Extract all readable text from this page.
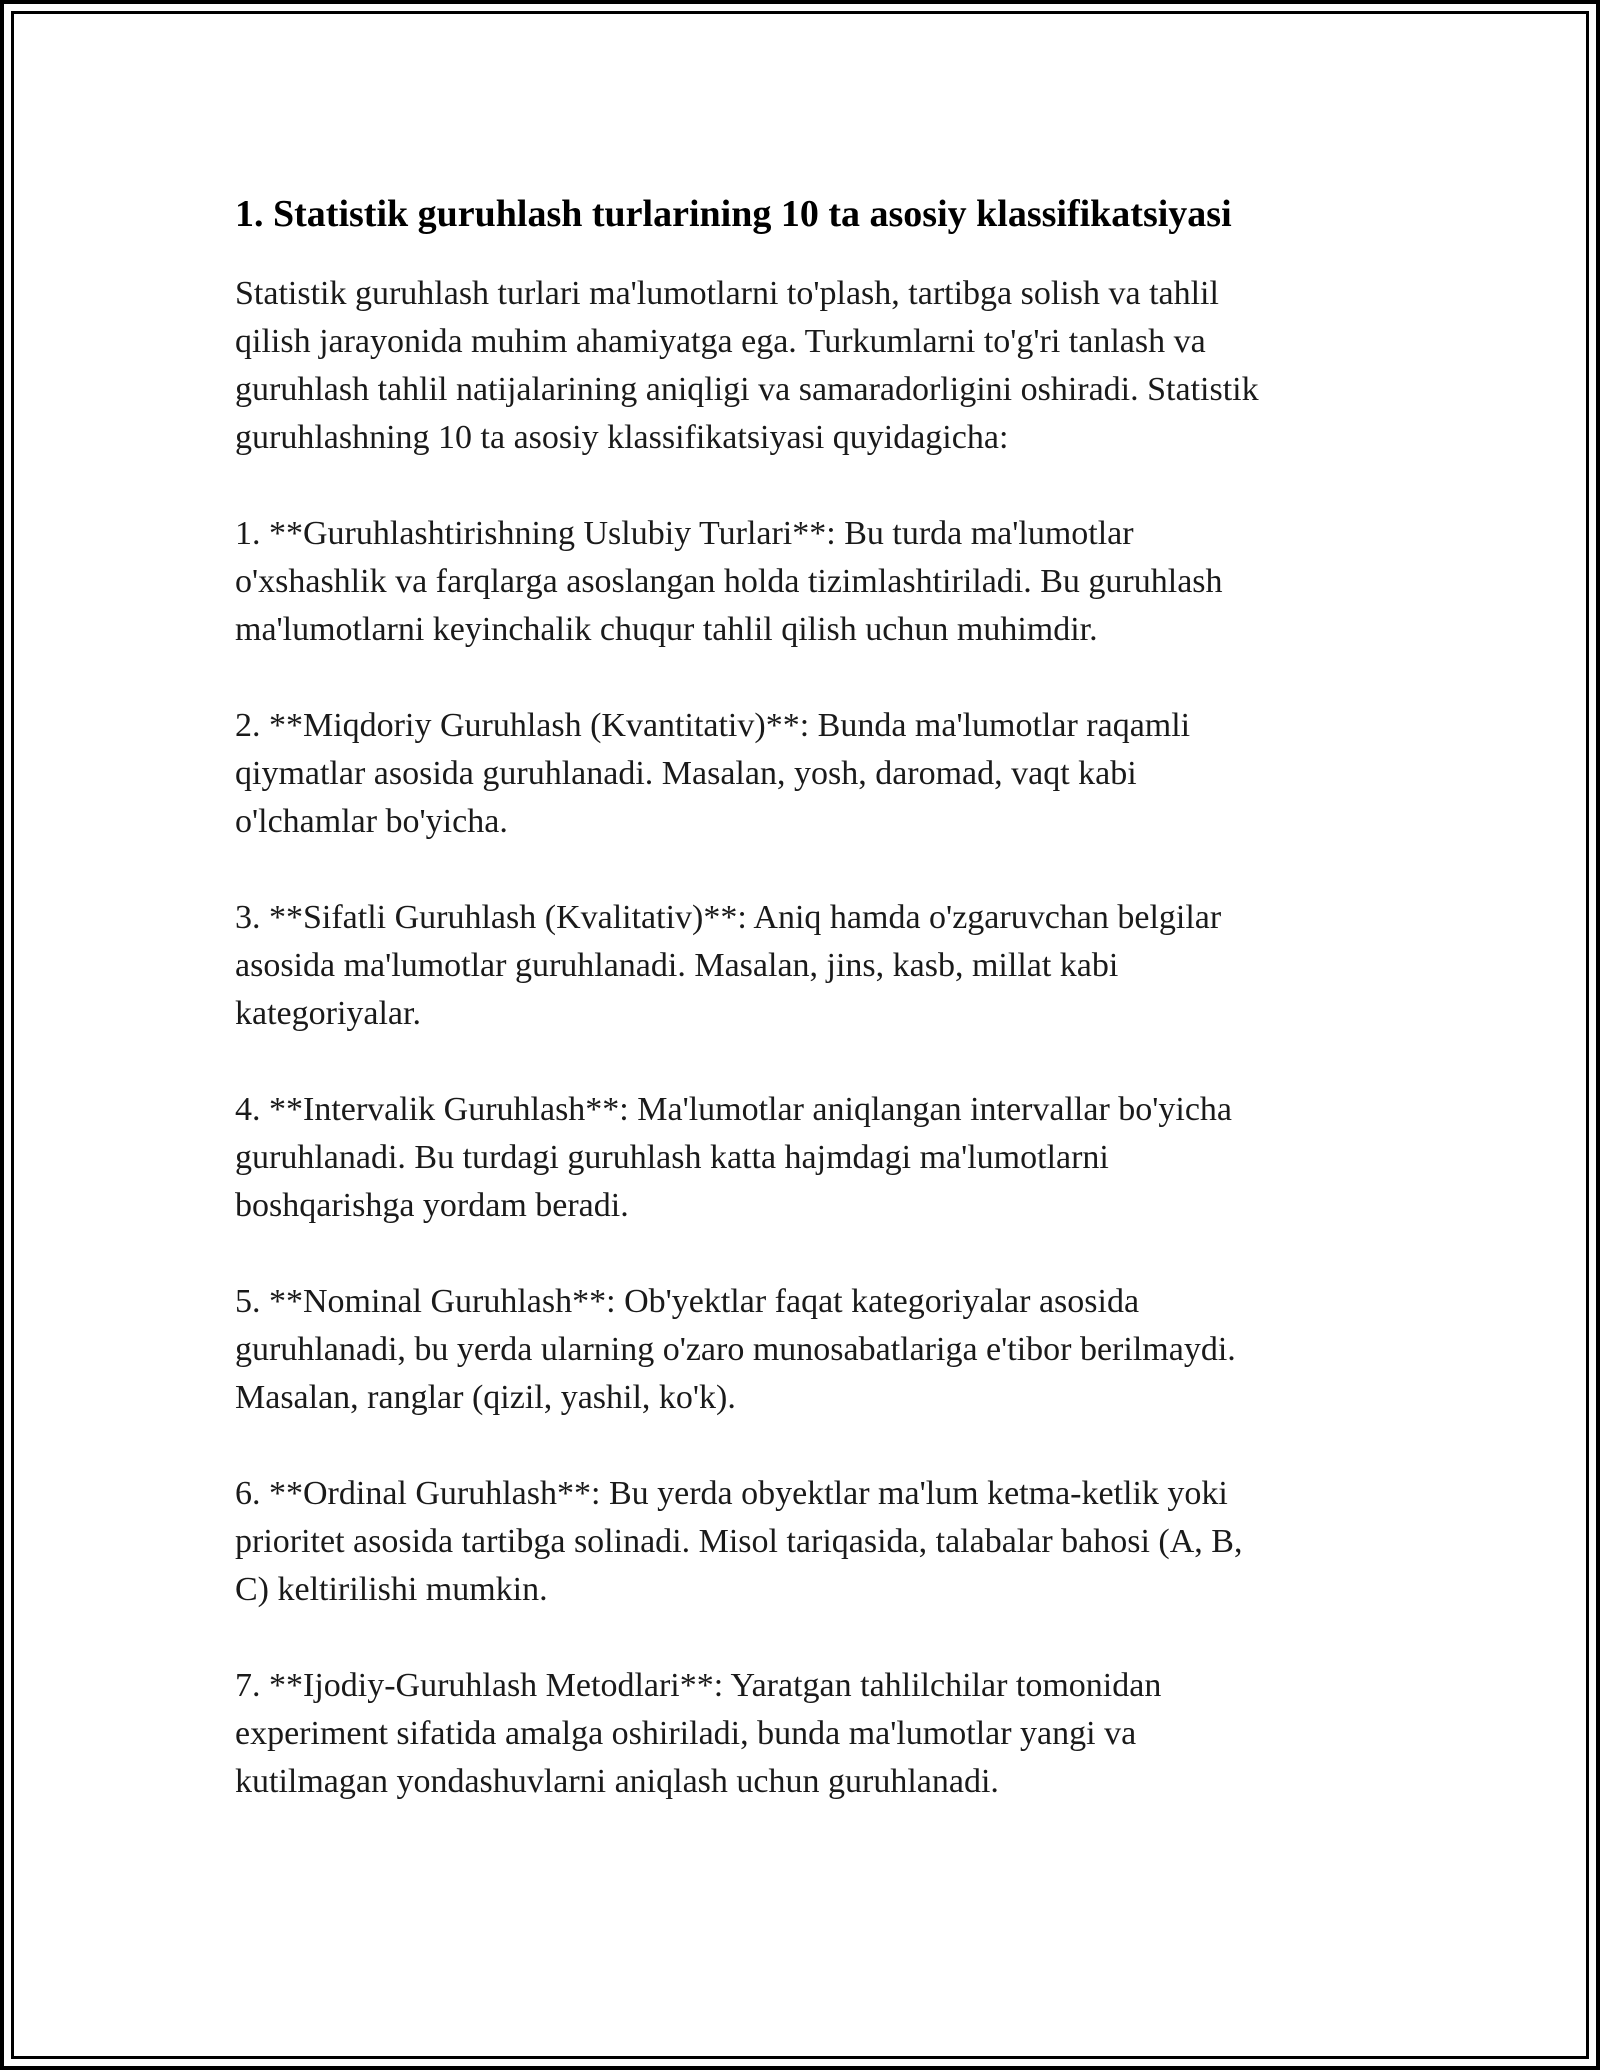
1. Statistik guruhlash turlarining 10 ta asosiy klassifikatsiyasi

Statistik guruhlash turlari ma'lumotlarni to'plash, tartibga solish va tahlil
qilish jarayonida muhim ahamiyatga ega. Turkumlarni to'g'ri tanlash va
guruhlash tahlil natijalarining aniqligi va samaradorligini oshiradi. Statistik
guruhlashning 10 ta asosiy klassifikatsiyasi quyidagicha:

1. **Guruhlashtirishning Uslubiy Turlari**: Bu turda ma'lumotlar
o'xshashlik va farqlarga asoslangan holda tizimlashtiriladi. Bu guruhlash
ma'lumotlarni keyinchalik chuqur tahlil qilish uchun muhimdir.

2. **Miqdoriy Guruhlash (Kvantitativ)**: Bunda ma'lumotlar raqamli
qiymatlar asosida guruhlanadi. Masalan, yosh, daromad, vaqt kabi
o'lchamlar bo'yicha.

3. **Sifatli Guruhlash (Kvalitativ)**: Aniq hamda o'zgaruvchan belgilar
asosida ma'lumotlar guruhlanadi. Masalan, jins, kasb, millat kabi
kategoriyalar.

4. **Intervalik Guruhlash**: Ma'lumotlar aniqlangan intervallar bo'yicha
guruhlanadi. Bu turdagi guruhlash katta hajmdagi ma'lumotlarni
boshqarishga yordam beradi.

5. **Nominal Guruhlash**: Ob'yektlar faqat kategoriyalar asosida
guruhlanadi, bu yerda ularning o'zaro munosabatlariga e'tibor berilmaydi.
Masalan, ranglar (qizil, yashil, ko'k).

6. **Ordinal Guruhlash**: Bu yerda obyektlar ma'lum ketma-ketlik yoki
prioritet asosida tartibga solinadi. Misol tariqasida, talabalar bahosi (A, B,
C) keltirilishi mumkin.

7. **Ijodiy-Guruhlash Metodlari**: Yaratgan tahlilchilar tomonidan
experiment sifatida amalga oshiriladi, bunda ma'lumotlar yangi va
kutilmagan yondashuvlarni aniqlash uchun guruhlanadi.
